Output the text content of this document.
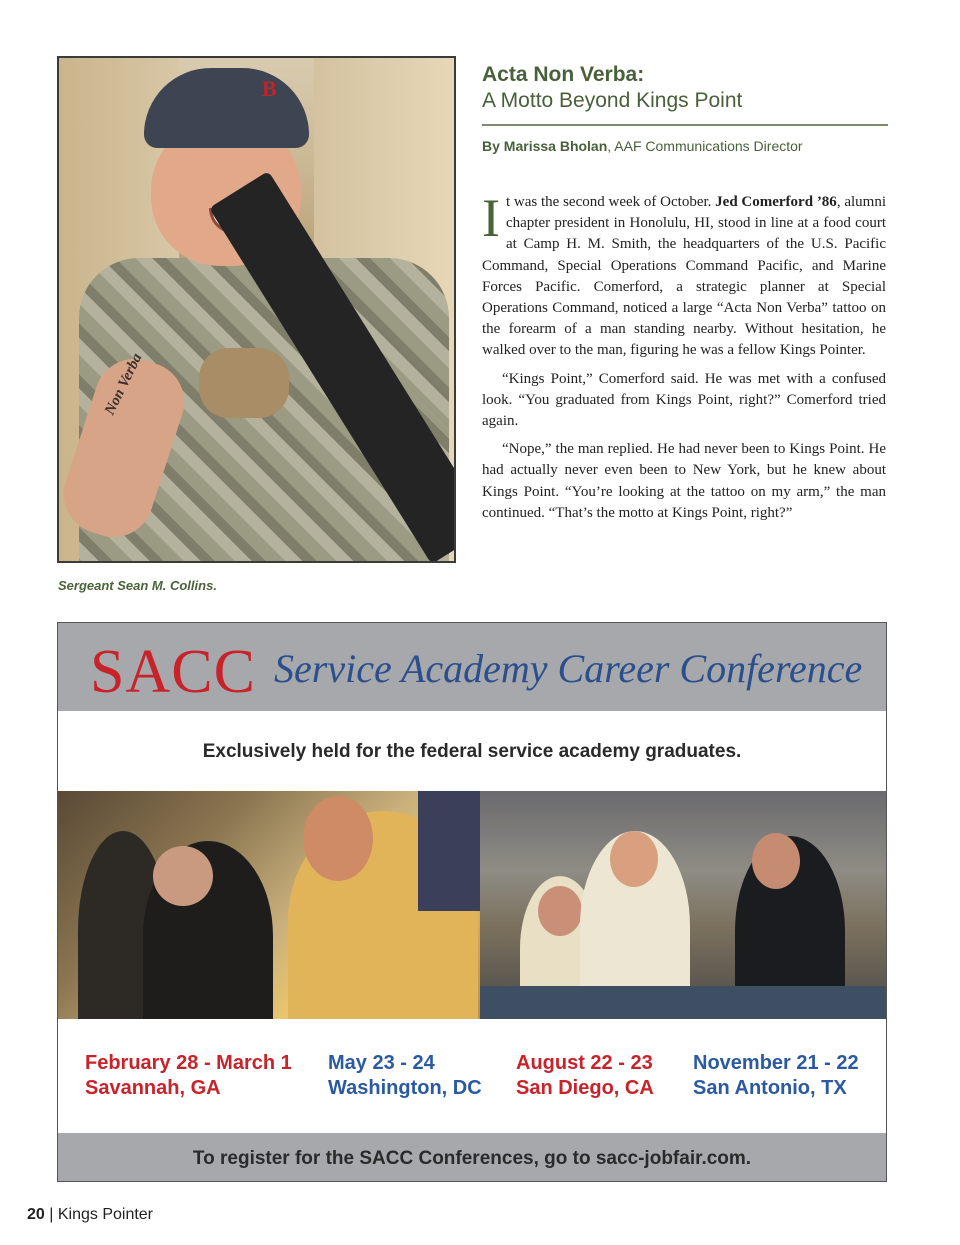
B
Non Verba
Sergeant Sean M. Collins.
Acta Non Verba:
A Motto Beyond Kings Point
By Marissa Bholan, AAF Communications Director

It was the second week of October. Jed Comerford ’86, alumni chapter president in Honolulu, HI, stood in line at a food court at Camp H. M. Smith, the headquarters of the U.S. Pacific Command, Special Operations Command Pacific, and Marine Forces Pacific. Comerford, a strategic planner at Special Operations Command, noticed a large “Acta Non Verba” tattoo on the forearm of a man standing nearby. Without hesitation, he walked over to the man, figuring he was a fellow Kings Pointer.

“Kings Point,” Comerford said. He was met with a confused look. “You graduated from Kings Point, right?” Comerford tried again.

“Nope,” the man replied. He had never been to Kings Point. He had actually never even been to New York, but he knew about Kings Point. “You’re looking at the tattoo on my arm,” the man continued. “That’s the motto at Kings Point, right?”

SACC Service Academy Career Conference
Exclusively held for the federal service academy graduates.
February 28 - March 1
Savannah, GA
May 23 - 24
Washington, DC
August 22 - 23
San Diego, CA
November 21 - 22
San Antonio, TX
To register for the SACC Conferences, go to sacc-jobfair.com.
20 | Kings Pointer
